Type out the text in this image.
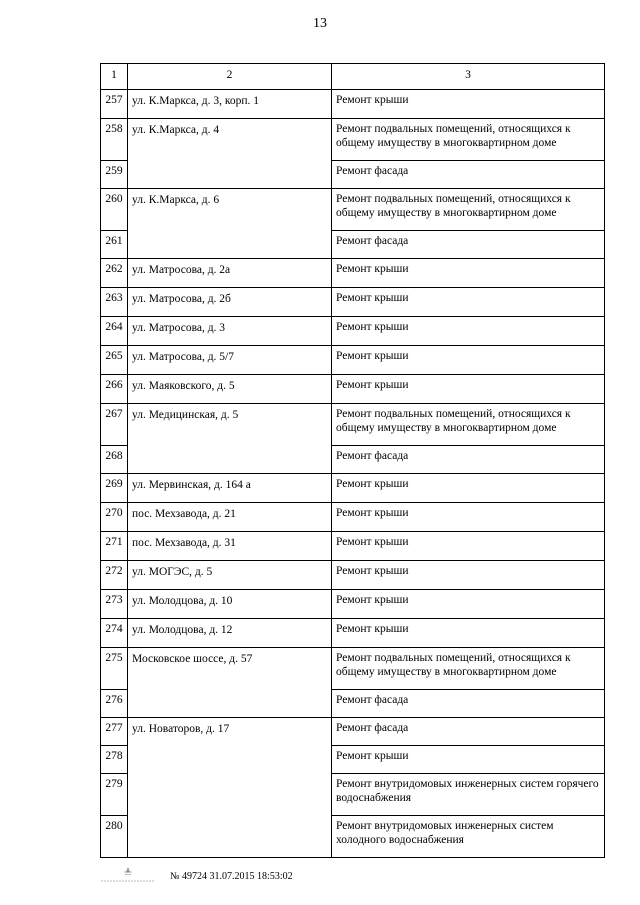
13
1	2	3
257	ул. К.Маркса, д. 3, корп. 1	Ремонт крыши
258	ул. К.Маркса, д. 4	Ремонт подвальных помещений, относящихся к общему имуществу в многоквартирном доме
259		Ремонт фасада
260	ул. К.Маркса, д. 6	Ремонт подвальных помещений, относящихся к общему имуществу в многоквартирном доме
261		Ремонт фасада
262	ул. Матросова, д. 2а	Ремонт крыши
263	ул. Матросова, д. 2б	Ремонт крыши
264	ул. Матросова, д. 3	Ремонт крыши
265	ул. Матросова, д. 5/7	Ремонт крыши
266	ул. Маяковского, д. 5	Ремонт крыши
267	ул. Медицинская, д. 5	Ремонт подвальных помещений, относящихся к общему имуществу в многоквартирном доме
268		Ремонт фасада
269	ул. Мервинская, д. 164 а	Ремонт крыши
270	пос. Мехзавода, д. 21	Ремонт крыши
271	пос. Мехзавода, д. 31	Ремонт крыши
272	ул. МОГЭС, д. 5	Ремонт крыши
273	ул. Молодцова, д. 10	Ремонт крыши
274	ул. Молодцова, д. 12	Ремонт крыши
275	Московское шоссе, д. 57	Ремонт подвальных помещений, относящихся к общему имуществу в многоквартирном доме
276		Ремонт фасада
277	ул. Новаторов, д. 17	Ремонт фасада
278		Ремонт крыши
279		Ремонт внутридомовых инженерных систем горячего водоснабжения
280		Ремонт внутридомовых инженерных систем холодного водоснабжения
№ 49724 31.07.2015 18:53:02
